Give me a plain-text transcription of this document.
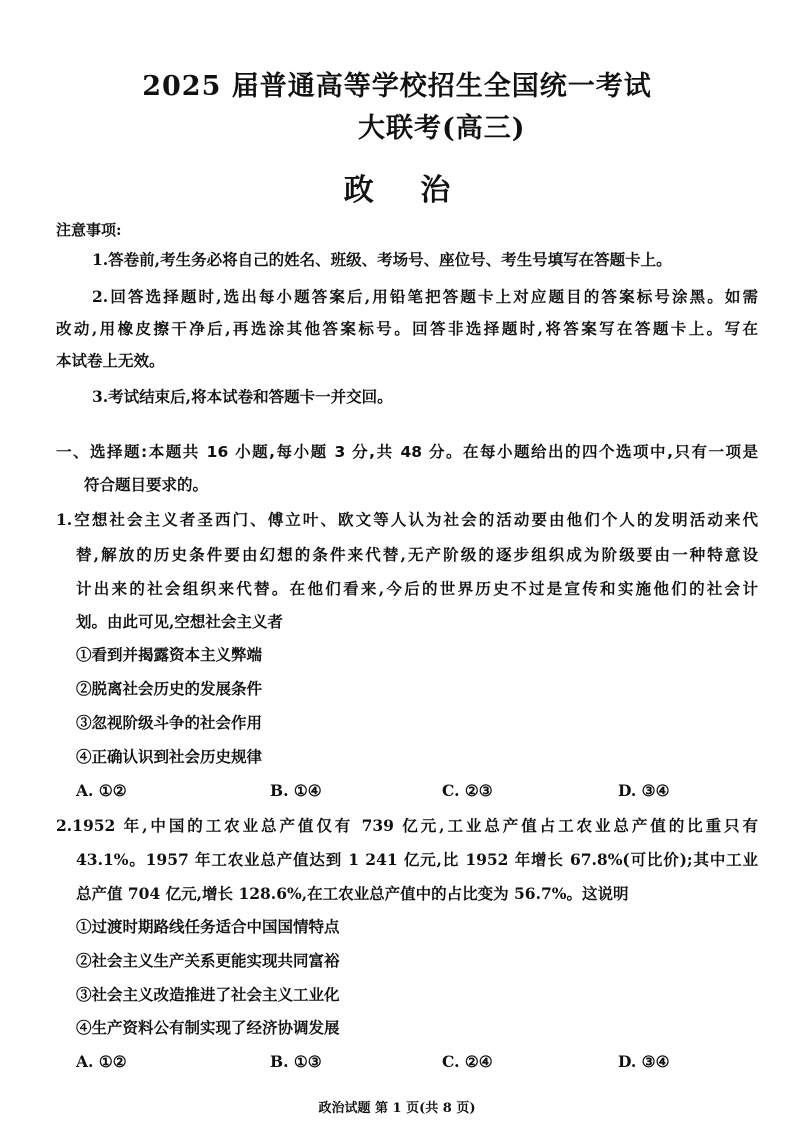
2025 届普通高等学校招生全国统一考试
大联考(高三)
政 治
注意事项:
1.答卷前,考生务必将自己的姓名、班级、考场号、座位号、考生号填写在答题卡上。
2.回答选择题时,选出每小题答案后,用铅笔把答题卡上对应题目的答案标号涂黑。如需
改动,用橡皮擦干净后,再选涂其他答案标号。回答非选择题时,将答案写在答题卡上。写在
本试卷上无效。
3.考试结束后,将本试卷和答题卡一并交回。
一、选择题:本题共 16 小题,每小题 3 分,共 48 分。在每小题给出的四个选项中,只有一项是
符合题目要求的。
1.空想社会主义者圣西门、傅立叶、欧文等人认为社会的活动要由他们个人的发明活动来代
替,解放的历史条件要由幻想的条件来代替,无产阶级的逐步组织成为阶级要由一种特意设
计出来的社会组织来代替。在他们看来,今后的世界历史不过是宣传和实施他们的社会计
划。由此可见,空想社会主义者
①看到并揭露资本主义弊端
②脱离社会历史的发展条件
③忽视阶级斗争的社会作用
④正确认识到社会历史规律
A. ①②	B. ①④	C. ②③	D. ③④
2.1952 年,中国的工农业总产值仅有 739 亿元,工业总产值占工农业总产值的比重只有
43.1%。1957 年工农业总产值达到 1 241 亿元,比 1952 年增长 67.8%(可比价);其中工业
总产值 704 亿元,增长 128.6%,在工农业总产值中的占比变为 56.7%。这说明
①过渡时期路线任务适合中国国情特点
②社会主义生产关系更能实现共同富裕
③社会主义改造推进了社会主义工业化
④生产资料公有制实现了经济协调发展
A. ①②	B. ①③	C. ②④	D. ③④
政治试题 第 1 页(共 8 页)
